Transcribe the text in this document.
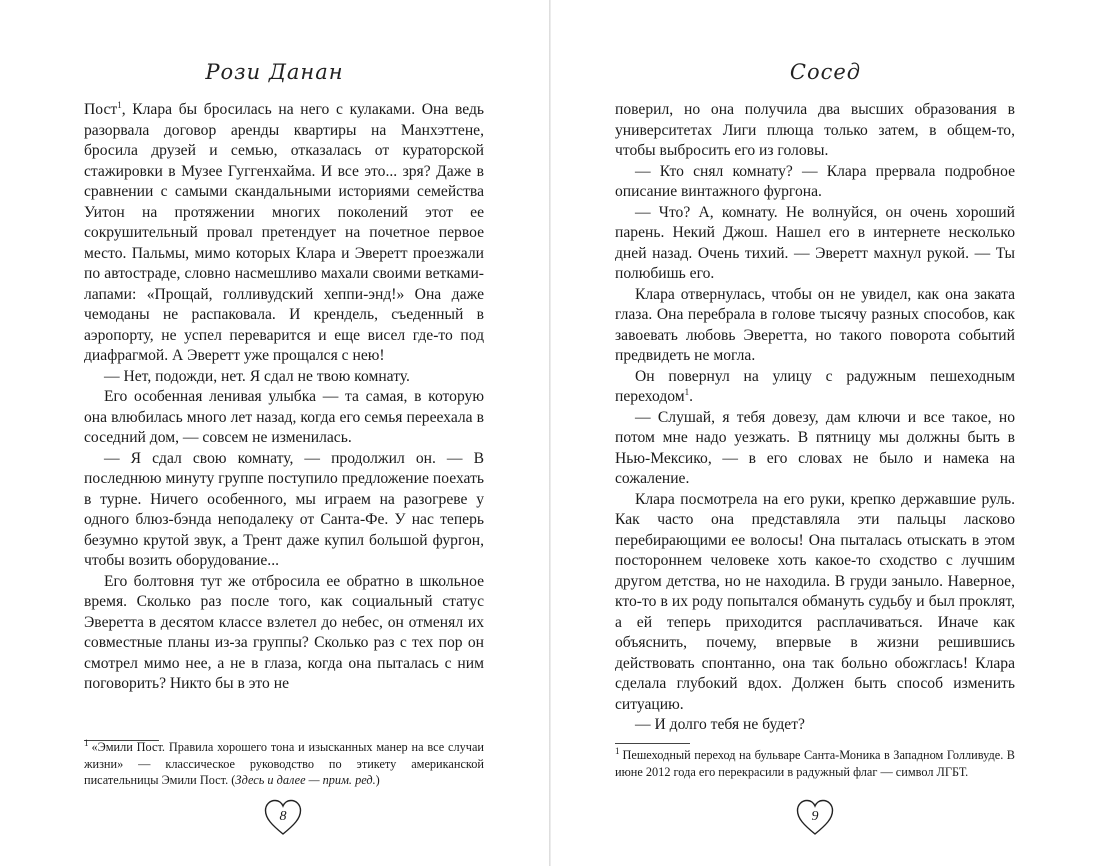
Рози Данан

Пост$^1$, Клара бы бросилась на него с кулаками. Она ведь разорвала договор аренды квартиры на Манхэттене, бросила друзей и семью, отказалась от кураторской стажировки в Музее Гуггенхайма. И все это... зря? Даже в сравнении с самыми скандальными историями семейства Уитон на протяжении многих поколений этот ее сокрушительный провал претендует на почетное первое место. Пальмы, мимо которых Клара и Эверетт проезжали по автостраде, словно насмешливо махали своими ветками-лапами: «Прощай, голливудский хеппи-энд!» Она даже чемоданы не распаковала. И крендель, съеденный в аэропорту, не успел переварится и еще висел где-то под диафрагмой. А Эверетт уже прощался с нею!

— Нет, подожди, нет. Я сдал не твою комнату.

Его особенная ленивая улыбка — та самая, в которую она влюбилась много лет назад, когда его семья переехала в соседний дом, — совсем не изменилась.

— Я сдал свою комнату, — продолжил он. — В последнюю минуту группе поступило предложение поехать в турне. Ничего особенного, мы играем на разогреве у одного блюз-бэнда неподалеку от Санта-Фе. У нас теперь безумно крутой звук, а Трент даже купил большой фургон, чтобы возить оборудование...

Его болтовня тут же отбросила ее обратно в школьное время. Сколько раз после того, как социальный статус Эверетта в десятом классе взлетел до небес, он отменял их совместные планы из-за группы? Сколько раз с тех пор он смотрел мимо нее, а не в глаза, когда она пыталась с ним поговорить? Никто бы в это не

$^1$ «Эмили Пост. Правила хорошего тона и изысканных манер на все случаи жизни» — классическое руководство по этикету американской писательницы Эмили Пост. (Здесь и далее — прим. ред.)
8
Сосед

поверил, но она получила два высших образования в университетах Лиги плюща только затем, в общем-то, чтобы выбросить его из головы.

— Кто снял комнату? — Клара прервала подробное описание винтажного фургона.

— Что? А, комнату. Не волнуйся, он очень хороший парень. Некий Джош. Нашел его в интернете несколько дней назад. Очень тихий. — Эверетт махнул рукой. — Ты полюбишь его.

Клара отвернулась, чтобы он не увидел, как она заката глаза. Она перебрала в голове тысячу разных способов, как завоевать любовь Эверетта, но такого поворота событий предвидеть не могла.

Он повернул на улицу с радужным пешеходным переходом$^1$.

— Слушай, я тебя довезу, дам ключи и все такое, но потом мне надо уезжать. В пятницу мы должны быть в Нью-Мексико, — в его словах не было и намека на сожаление.

Клара посмотрела на его руки, крепко державшие руль. Как часто она представляла эти пальцы ласково перебирающими ее волосы! Она пыталась отыскать в этом постороннем человеке хоть какое-то сходство с лучшим другом детства, но не находила. В груди заныло. Наверное, кто-то в их роду попытался обмануть судьбу и был проклят, а ей теперь приходится расплачиваться. Иначе как объяснить, почему, впервые в жизни решившись действовать спонтанно, она так больно обожглась! Клара сделала глубокий вдох. Должен быть способ изменить ситуацию.

— И долго тебя не будет?

$^1$ Пешеходный переход на бульваре Санта-Моника в Западном Голливуде. В июне 2012 года его перекрасили в радужный флаг — символ ЛГБТ.
9
